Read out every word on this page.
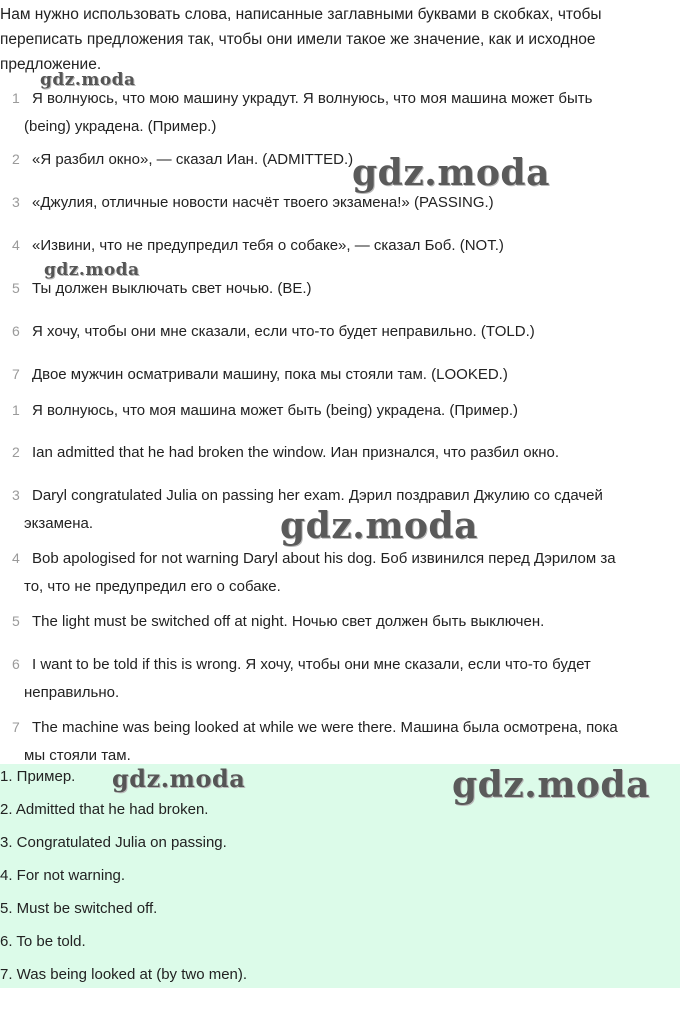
Нам нужно использовать слова, написанные заглавными буквами в скобках, чтобы переписать предложения так, чтобы они имели такое же значение, как и исходное предложение.
1 Я волнуюсь, что мою машину украдут. Я волнуюсь, что моя машина может быть
(being) украдена. (Пример.)
2 «Я разбил окно», — сказал Иан. (ADMITTED.)
3 «Джулия, отличные новости насчёт твоего экзамена!» (PASSING.)
4 «Извини, что не предупредил тебя о собаке», — сказал Боб. (NOT.)
5 Ты должен выключать свет ночью. (BE.)
6 Я хочу, чтобы они мне сказали, если что-то будет неправильно. (TOLD.)
7 Двое мужчин осматривали машину, пока мы стояли там. (LOOKED.)
1 Я волнуюсь, что моя машина может быть (being) украдена. (Пример.)
2 Ian admitted that he had broken the window. Иан признался, что разбил окно.
3 Daryl congratulated Julia on passing her exam. Дэрил поздравил Джулию со сдачей
экзамена.
4 Bob apologised for not warning Daryl about his dog. Боб извинился перед Дэрилом за
то, что не предупредил его о собаке.
5 The light must be switched off at night. Ночью свет должен быть выключен.
6 I want to be told if this is wrong. Я хочу, чтобы они мне сказали, если что-то будет
неправильно.
7 The machine was being looked at while we were there. Машина была осмотрена, пока
мы стояли там.
1. Пример.
2. Admitted that he had broken.
3. Congratulated Julia on passing.
4. For not warning.
5. Must be switched off.
6. To be told.
7. Was being looked at (by two men).
gdz.moda
gdz.moda
gdz.moda
gdz.moda
gdz.moda	gdz.moda
